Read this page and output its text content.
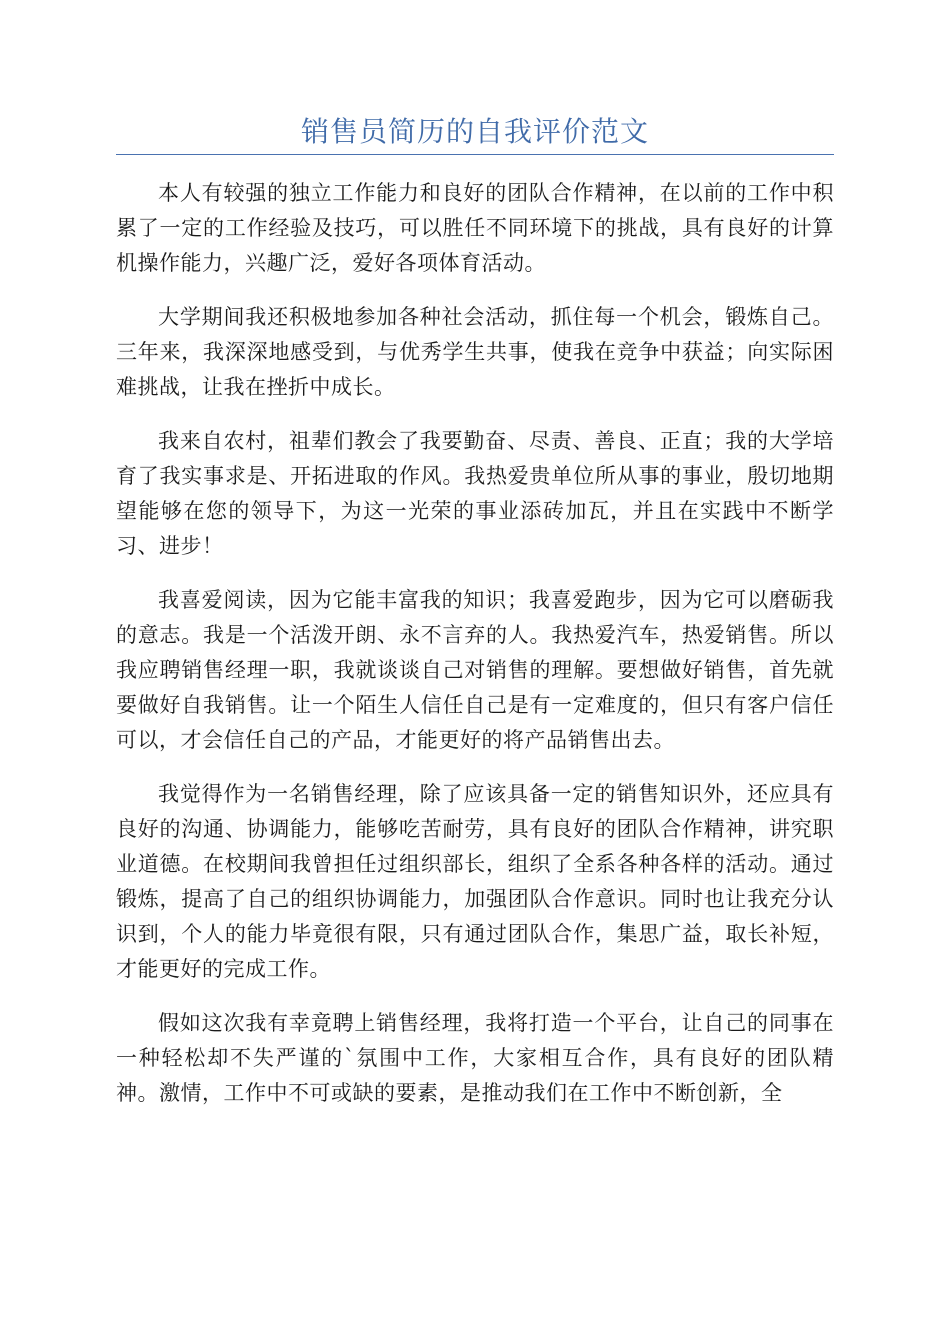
销售员简历的自我评价范文

本人有较强的独立工作能力和良好的团队合作精神，在以前的工作中积累了一定的工作经验及技巧，可以胜任不同环境下的挑战，具有良好的计算机操作能力，兴趣广泛，爱好各项体育活动。

大学期间我还积极地参加各种社会活动，抓住每一个机会，锻炼自己。三年来，我深深地感受到，与优秀学生共事，使我在竞争中获益；向实际困难挑战，让我在挫折中成长。

我来自农村，祖辈们教会了我要勤奋、尽责、善良、正直；我的大学培育了我实事求是、开拓进取的作风。我热爱贵单位所从事的事业，殷切地期望能够在您的领导下，为这一光荣的事业添砖加瓦，并且在实践中不断学习、进步！

我喜爱阅读，因为它能丰富我的知识；我喜爱跑步，因为它可以磨砺我的意志。我是一个活泼开朗、永不言弃的人。我热爱汽车，热爱销售。所以我应聘销售经理一职，我就谈谈自己对销售的理解。要想做好销售，首先就要做好自我销售。让一个陌生人信任自己是有一定难度的，但只有客户信任可以，才会信任自己的产品，才能更好的将产品销售出去。

我觉得作为一名销售经理，除了应该具备一定的销售知识外，还应具有良好的沟通、协调能力，能够吃苦耐劳，具有良好的团队合作精神，讲究职业道德。在校期间我曾担任过组织部长，组织了全系各种各样的活动。通过锻炼，提高了自己的组织协调能力，加强团队合作意识。同时也让我充分认识到，个人的能力毕竟很有限，只有通过团队合作，集思广益，取长补短，才能更好的完成工作。

假如这次我有幸竟聘上销售经理，我将打造一个平台，让自己的同事在一种轻松却不失严谨的`氛围中工作，大家相互合作，具有良好的团队精神。激情，工作中不可或缺的要素，是推动我们在工作中不断创新，全
